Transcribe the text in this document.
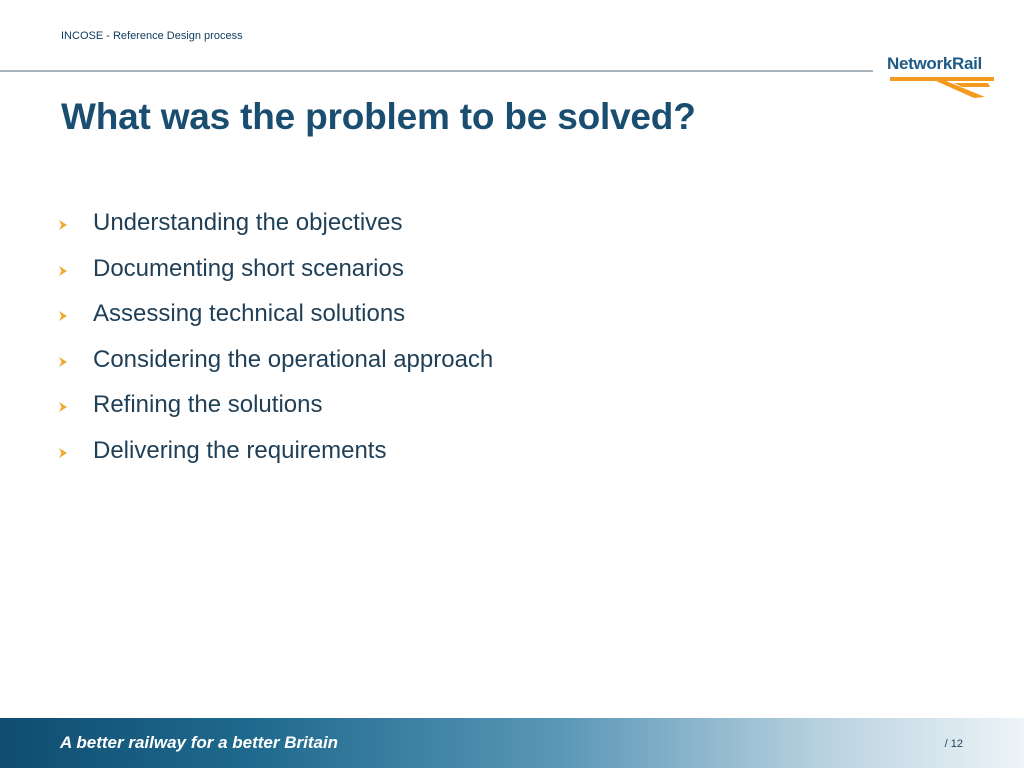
INCOSE - Reference Design process
NetworkRail
What was the problem to be solved?
Understanding the objectives
Documenting short scenarios
Assessing technical solutions
Considering the operational approach
Refining the solutions
Delivering the requirements
A better railway for a better Britain	/ 12
